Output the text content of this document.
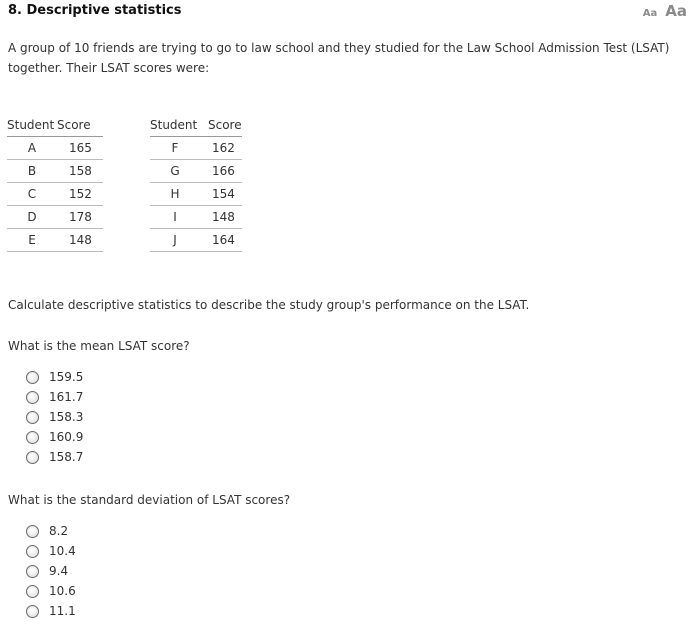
8. Descriptive statistics	Aa Aa
A group of 10 friends are trying to go to law school and they studied for the Law School Admission Test (LSAT) together. Their LSAT scores were:
Student	Score
A	165
B	158
C	152
D	178
E	148
Student	Score
F	162
G	166
H	154
I	148
J	164
Calculate descriptive statistics to describe the study group's performance on the LSAT.
What is the mean LSAT score?
159.5
161.7
158.3
160.9
158.7
What is the standard deviation of LSAT scores?
8.2
10.4
9.4
10.6
11.1
